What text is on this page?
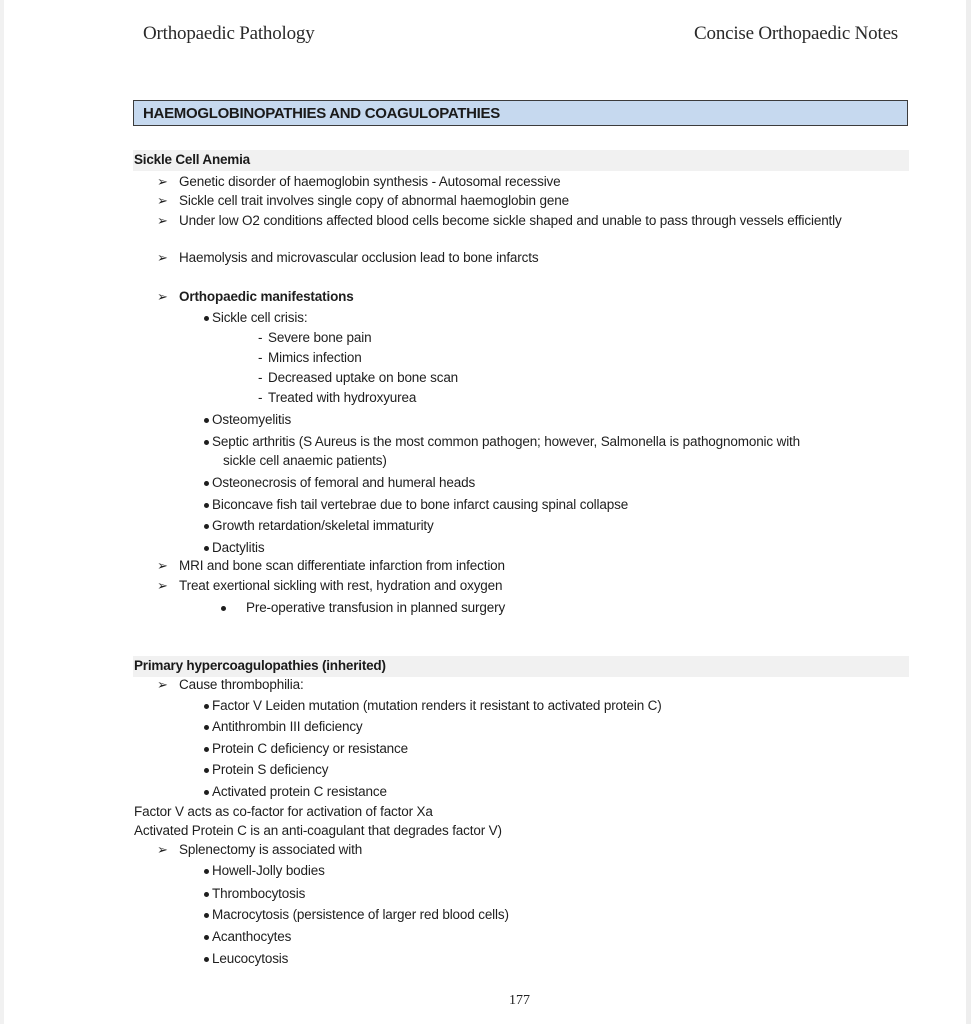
Orthopaedic Pathology	Concise Orthopaedic Notes
HAEMOGLOBINOPATHIES AND COAGULOPATHIES
Sickle Cell Anemia
➢ Genetic disorder of haemoglobin synthesis - Autosomal recessive
➢ Sickle cell trait involves single copy of abnormal haemoglobin gene
➢ Under low O2 conditions affected blood cells become sickle shaped and unable to pass through vessels efficiently
➢ Haemolysis and microvascular occlusion lead to bone infarcts
➢ Orthopaedic manifestations
Sickle cell crisis:
- Severe bone pain
- Mimics infection
- Decreased uptake on bone scan
- Treated with hydroxyurea
Osteomyelitis
Septic arthritis (S Aureus is the most common pathogen; however, Salmonella is pathognomonic with
sickle cell anaemic patients)
Osteonecrosis of femoral and humeral heads
Biconcave fish tail vertebrae due to bone infarct causing spinal collapse
Growth retardation/skeletal immaturity
Dactylitis
➢ MRI and bone scan differentiate infarction from infection
➢ Treat exertional sickling with rest, hydration and oxygen
Pre-operative transfusion in planned surgery
Primary hypercoagulopathies (inherited)
➢ Cause thrombophilia:
Factor V Leiden mutation (mutation renders it resistant to activated protein C)
Antithrombin III deficiency
Protein C deficiency or resistance
Protein S deficiency
Activated protein C resistance
Factor V acts as co-factor for activation of factor Xa
Activated Protein C is an anti-coagulant that degrades factor V)
➢ Splenectomy is associated with
Howell-Jolly bodies
Thrombocytosis
Macrocytosis (persistence of larger red blood cells)
Acanthocytes
Leucocytosis
177
